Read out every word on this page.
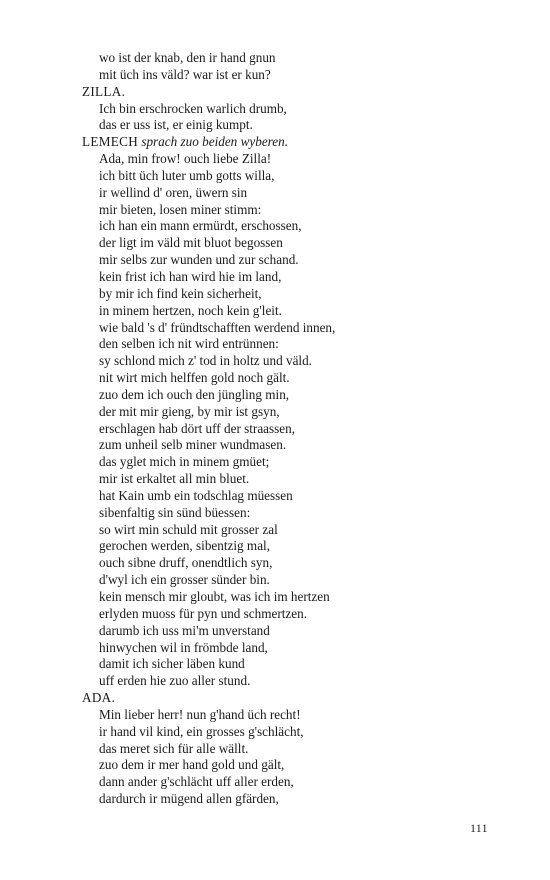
wo ist der knab, den ir hand gnun
mit üch ins väld? war ist er kun?
ZILLA.
Ich bin erschrocken warlich drumb,
das er uss ist, er einig kumpt.
LEMECH sprach zuo beiden wyberen.
Ada, min frow! ouch liebe Zilla!
ich bitt üch luter umb gotts willa,
ir wellind d' oren, üwern sin
mir bieten, losen miner stimm:
ich han ein mann ermürdt, erschossen,
der ligt im väld mit bluot begossen
mir selbs zur wunden und zur schand.
kein frist ich han wird hie im land,
by mir ich find kein sicherheit,
in minem hertzen, noch kein g'leit.
wie bald 's d' fründtschafften werdend innen,
den selben ich nit wird entrünnen:
sy schlond mich z' tod in holtz und väld.
nit wirt mich helffen gold noch gält.
zuo dem ich ouch den jüngling min,
der mit mir gieng, by mir ist gsyn,
erschlagen hab dört uff der straassen,
zum unheil selb miner wundmasen.
das yglet mich in minem gmüet;
mir ist erkaltet all min bluet.
hat Kain umb ein todschlag müessen
sibenfaltig sin sünd büessen:
so wirt min schuld mit grosser zal
gerochen werden, sibentzig mal,
ouch sibne druff, onendtlich syn,
d'wyl ich ein grosser sünder bin.
kein mensch mir gloubt, was ich im hertzen
erlyden muoss für pyn und schmertzen.
darumb ich uss mi'm unverstand
hinwychen wil in frömbde land,
damit ich sicher läben kund
uff erden hie zuo aller stund.
ADA.
Min lieber herr! nun g'hand üch recht!
ir hand vil kind, ein grosses g'schlächt,
das meret sich für alle wällt.
zuo dem ir mer hand gold und gält,
dann ander g'schlächt uff aller erden,
dardurch ir mügend allen gfärden,
111
